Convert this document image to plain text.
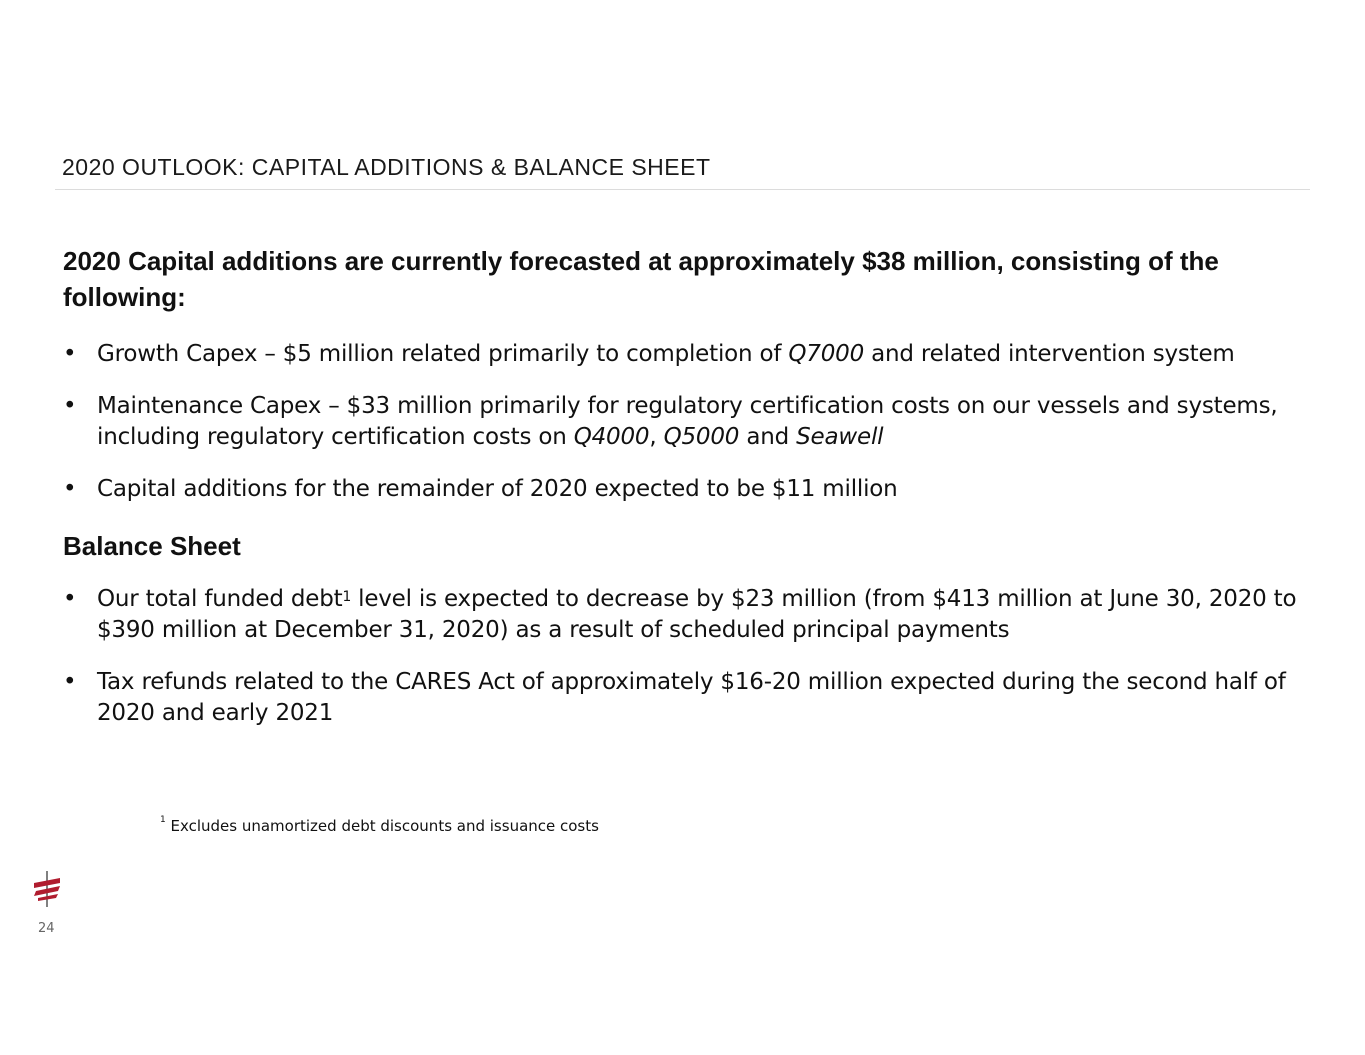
2020 OUTLOOK: CAPITAL ADDITIONS & BALANCE SHEET
2020 Capital additions are currently forecasted at approximately $38 million, consisting of the following:
• Growth Capex – $5 million related primarily to completion of Q7000 and related intervention system
• Maintenance Capex – $33 million primarily for regulatory certification costs on our vessels and systems, including regulatory certification costs on Q4000, Q5000 and Seawell
• Capital additions for the remainder of 2020 expected to be $11 million
Balance Sheet
• Our total funded debt$^1$ level is expected to decrease by $23 million (from $413 million at June 30, 2020 to $390 million at December 31, 2020) as a result of scheduled principal payments
• Tax refunds related to the CARES Act of approximately $16-20 million expected during the second half of 2020 and early 2021
$^1$ Excludes unamortized debt discounts and issuance costs
24
